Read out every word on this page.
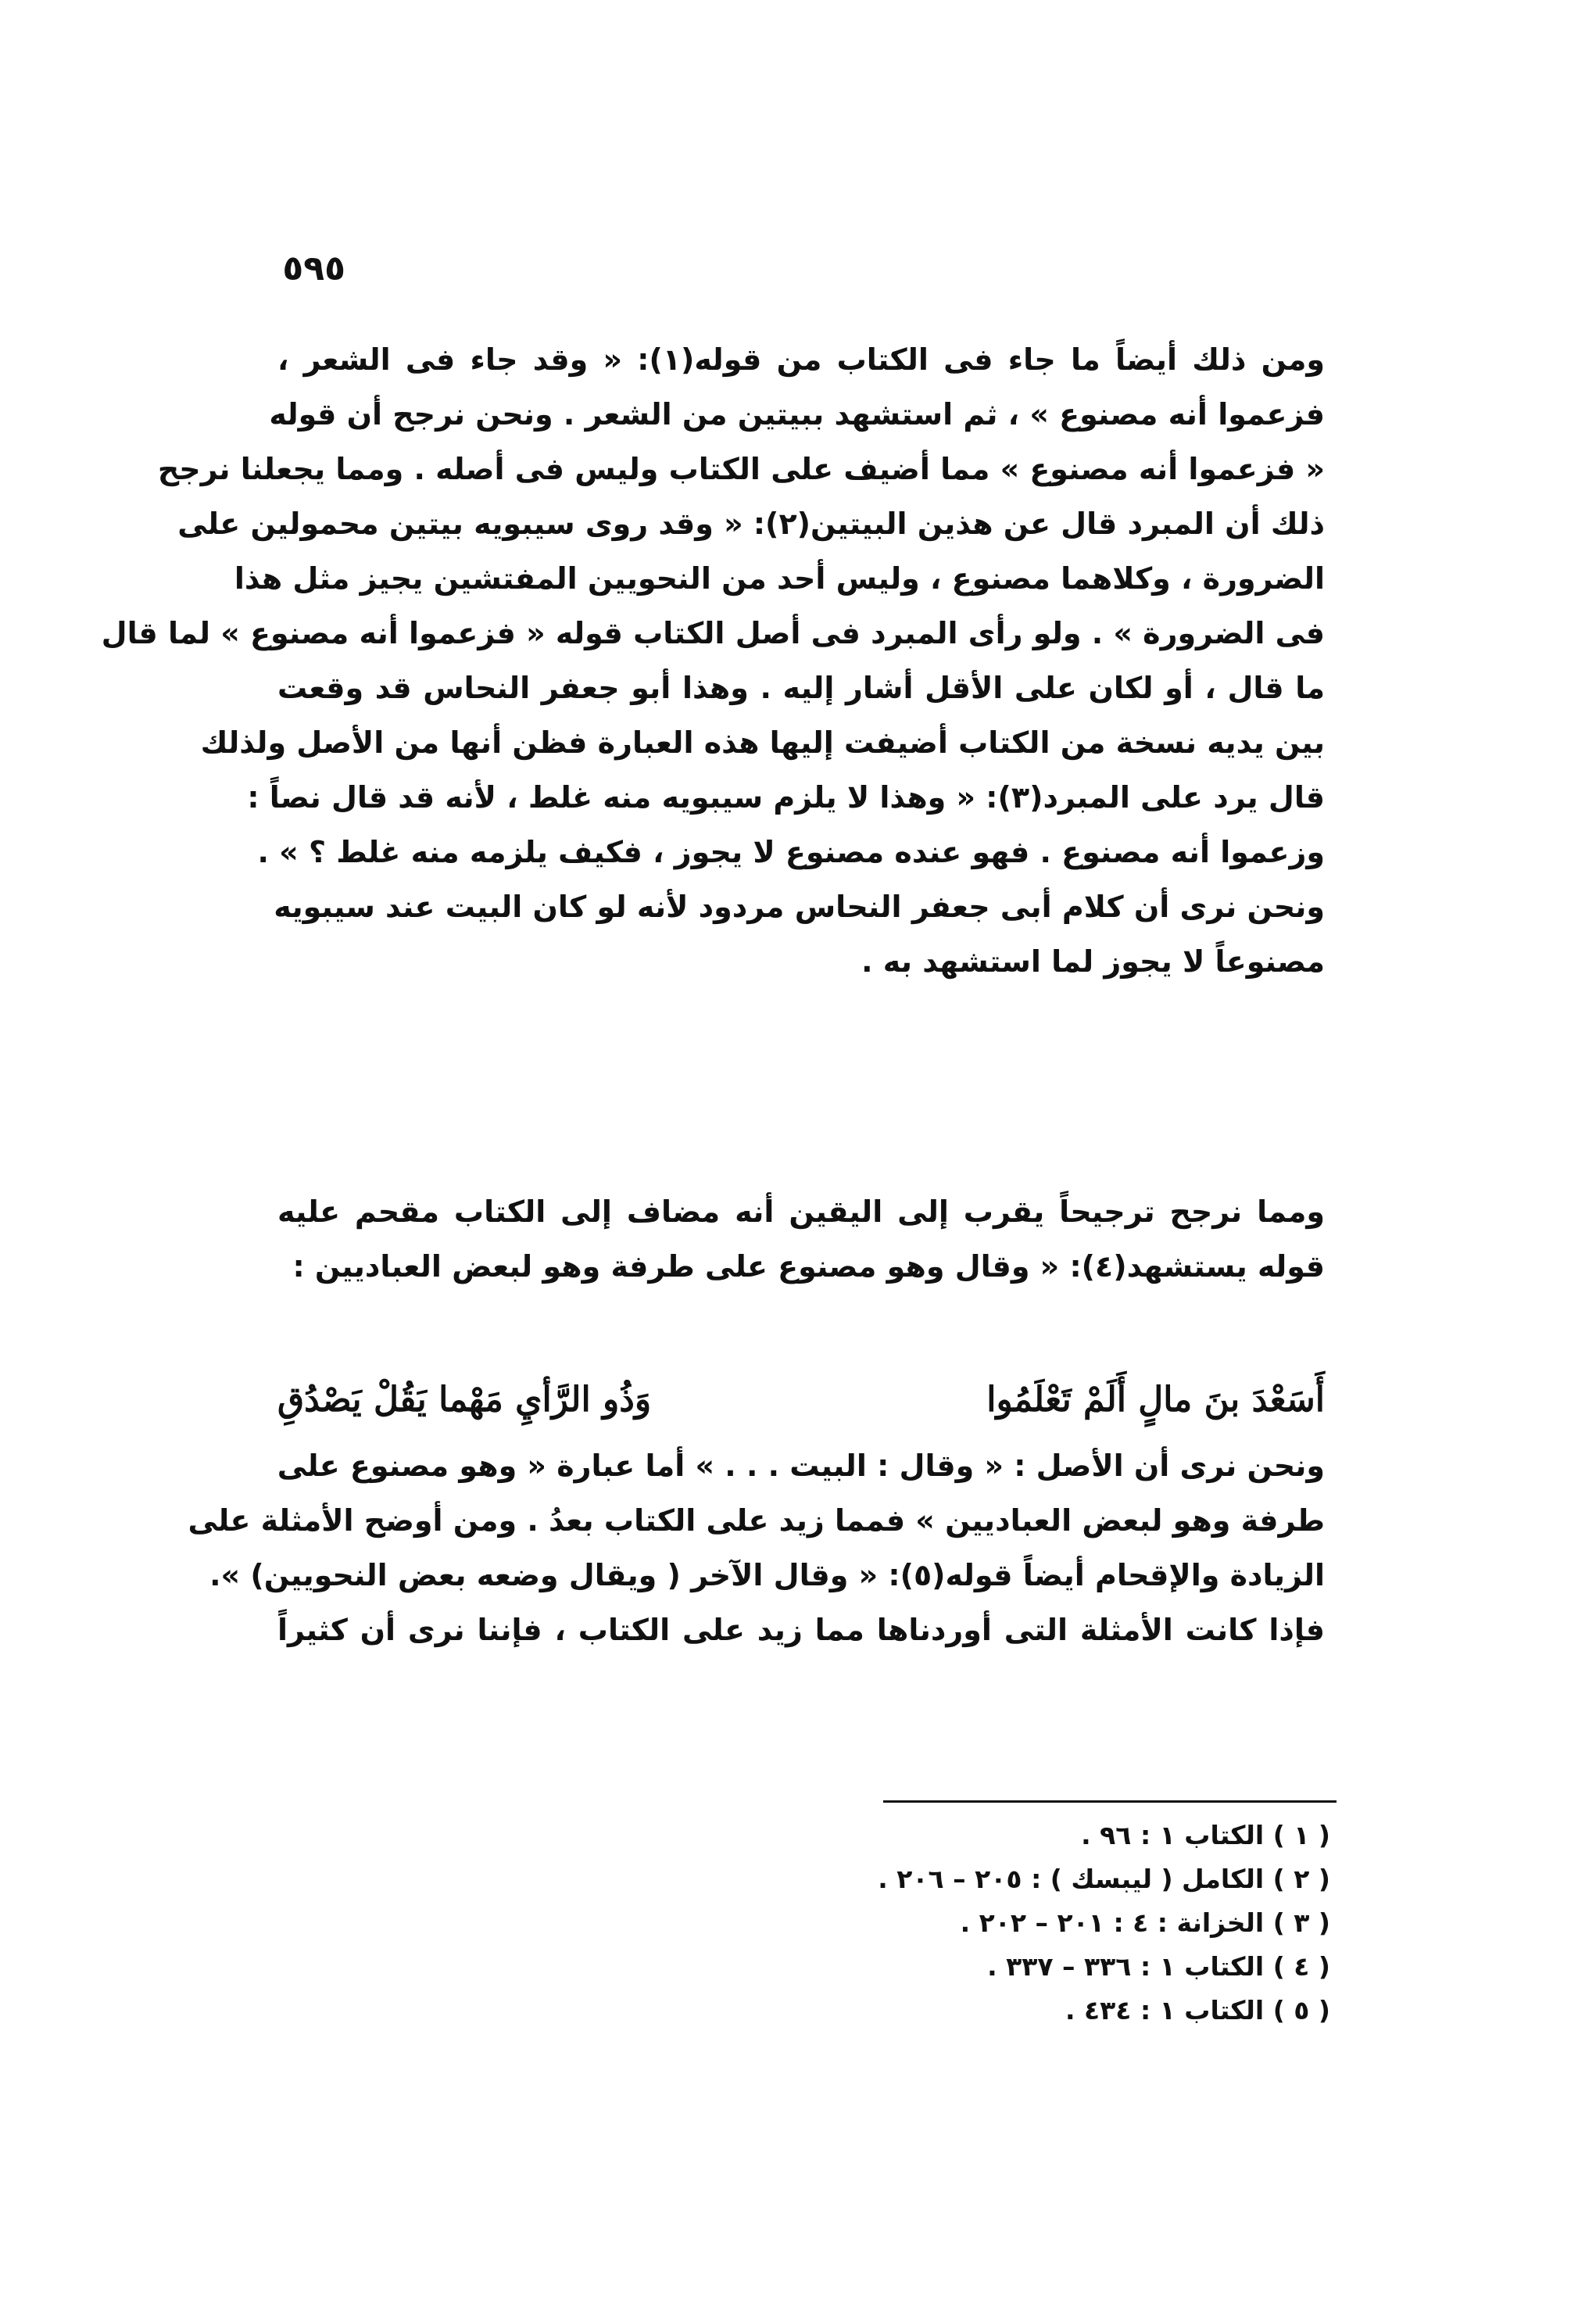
٥٩٥
ومن ذلك أيضاً ما جاء فى الكتاب من قوله(١): « وقد جاء فى الشعر ،
فزعموا أنه مصنوع » ، ثم استشهد ببيتين من الشعر . ونحن نرجح أن قوله
« فزعموا أنه مصنوع » مما أضيف على الكتاب وليس فى أصله . ومما يجعلنا نرجح
ذلك أن المبرد قال عن هذين البيتين(٢): « وقد روى سيبويه بيتين محمولين على
الضرورة ، وكلاهما مصنوع ، وليس أحد من النحويين المفتشين يجيز مثل هذا
فى الضرورة » . ولو رأى المبرد فى أصل الكتاب قوله « فزعموا أنه مصنوع » لما قال
ما قال ، أو لكان على الأقل أشار إليه . وهذا أبو جعفر النحاس قد وقعت
بين يديه نسخة من الكتاب أضيفت إليها هذه العبارة فظن أنها من الأصل ولذلك
قال يرد على المبرد(٣): « وهذا لا يلزم سيبويه منه غلط ، لأنه قد قال نصاً :
وزعموا أنه مصنوع . فهو عنده مصنوع لا يجوز ، فكيف يلزمه منه غلط ؟ » .
ونحن نرى أن كلام أبى جعفر النحاس مردود لأنه لو كان البيت عند سيبويه
مصنوعاً لا يجوز لما استشهد به .
ومما نرجح ترجيحاً يقرب إلى اليقين أنه مضاف إلى الكتاب مقحم عليه
قوله يستشهد(٤): « وقال وهو مصنوع على طرفة وهو لبعض العباديين :
أَسَعْدَ بنَ مالٍ أَلَمْ تَعْلَمُوا
وَذُو الرَّأيِ مَهْما يَقُلْ يَصْدُقِ
ونحن نرى أن الأصل : « وقال : البيت . . . » أما عبارة « وهو مصنوع على
طرفة وهو لبعض العباديين » فمما زيد على الكتاب بعدُ . ومن أوضح الأمثلة على
الزيادة والإقحام أيضاً قوله(٥): « وقال الآخر ( ويقال وضعه بعض النحويين) ».
فإذا كانت الأمثلة التى أوردناها مما زيد على الكتاب ، فإننا نرى أن كثيراً
( ١ ) الكتاب ١ : ٩٦ .
( ٢ ) الكامل ( ليبسك ) : ٢٠٥ – ٢٠٦ .
( ٣ ) الخزانة : ٤ : ٢٠١ – ٢٠٢ .
( ٤ ) الكتاب ١ : ٣٣٦ – ٣٣٧ .
( ٥ ) الكتاب ١ : ٤٣٤ .
